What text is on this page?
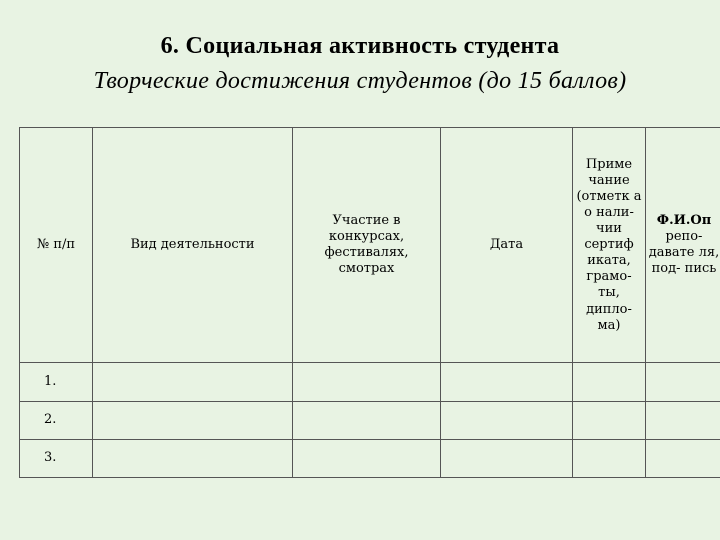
6. Социальная активность студента
Творческие достижения студентов (до 15 баллов)
№ п/п	Вид деятельности	Участие в конкурсах, фестивалях, смотрах	Дата	Приме чание (отметк а о нали- чии сертиф иката, грамо- ты, дипло- ма)	Ф.И.Оп репо- давате ля, под- пись
1.					
2.					
3.					
